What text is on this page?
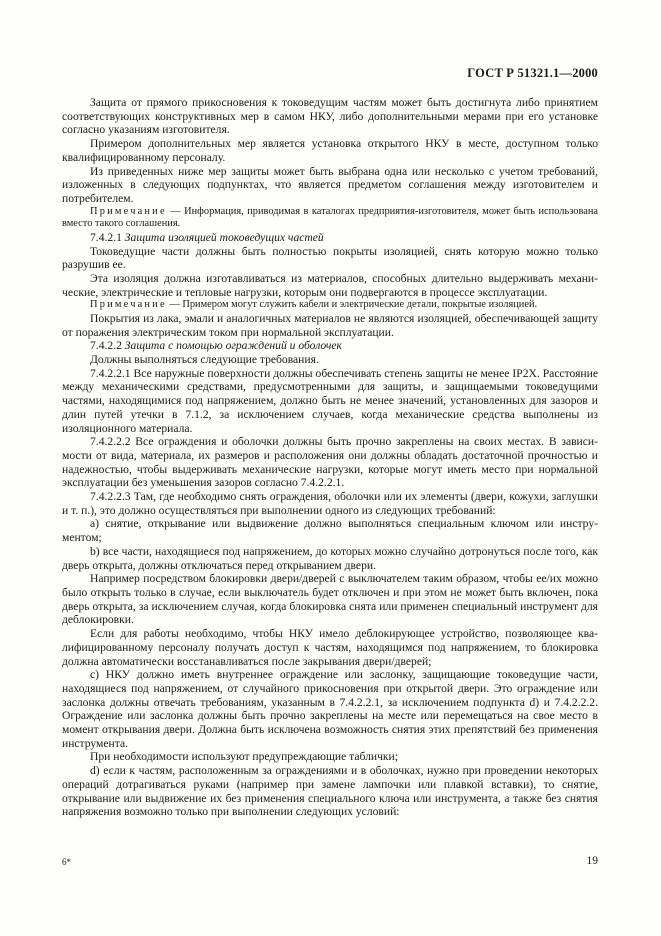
ГОСТ Р 51321.1—2000

Защита от прямого прикосновения к токоведущим частям может быть достигнута либо принятием соответствующих конструктивных мер в самом НКУ, либо дополнительными мерами при его установке согласно указаниям изготовителя.

Примером дополнительных мер является установка открытого НКУ в месте, доступном только квалифицированному персоналу.

Из приведенных ниже мер защиты может быть выбрана одна или несколько с учетом требований, изложенных в следующих подпунктах, что является предметом соглашения между изготовителем и потребителем.

Примечание — Информация, приводимая в каталогах предприятия-изготовителя, может быть использована вместо такого соглашения.

7.4.2.1 Защита изоляцией токоведущих частей

Токоведущие части должны быть полностью покрыты изоляцией, снять которую можно только разрушив ее.

Эта изоляция должна изготавливаться из материалов, способных длительно выдерживать механические, электрические и тепловые нагрузки, которым они подвергаются в процессе эксплуатации.

Примечание — Примером могут служить кабели и электрические детали, покрытые изоляцией.

Покрытия из лака, эмали и аналогичных материалов не являются изоляцией, обеспечивающей защиту от поражения электрическим током при нормальной эксплуатации.

7.4.2.2 Защита с помощью ограждений и оболочек

Должны выполняться следующие требования.

7.4.2.2.1 Все наружные поверхности должны обеспечивать степень защиты не менее IP2X. Расстояние между механическими средствами, предусмотренными для защиты, и защищаемыми токоведущими частями, находящимися под напряжением, должно быть не менее значений, установленных для зазоров и длин путей утечки в 7.1.2, за исключением случаев, когда механические средства выполнены из изоляционного материала.

7.4.2.2.2 Все ограждения и оболочки должны быть прочно закреплены на своих местах. В зависимости от вида, материала, их размеров и расположения они должны обладать достаточной прочностью и надежностью, чтобы выдерживать механические нагрузки, которые могут иметь место при нормальной эксплуатации без уменьшения зазоров согласно 7.4.2.2.1.

7.4.2.2.3 Там, где необходимо снять ограждения, оболочки или их элементы (двери, кожухи, заглушки и т. п.), это должно осуществляться при выполнении одного из следующих требований:

a) снятие, открывание или выдвижение должно выполняться специальным ключом или инструментом;

b) все части, находящиеся под напряжением, до которых можно случайно дотронуться после того, как дверь открыта, должны отключаться перед открыванием двери.

Например посредством блокировки двери/дверей с выключателем таким образом, чтобы ее/их можно было открыть только в случае, если выключатель будет отключен и при этом не может быть включен, пока дверь открыта, за исключением случая, когда блокировка снята или применен специальный инструмент для деблокировки.

Если для работы необходимо, чтобы НКУ имело деблокирующее устройство, позволяющее квалифицированному персоналу получать доступ к частям, находящимся под напряжением, то блокировка должна автоматически восстанавливаться после закрывания двери/дверей;

c) НКУ должно иметь внутреннее ограждение или заслонку, защищающие токоведущие части, находящиеся под напряжением, от случайного прикосновения при открытой двери. Это ограждение или заслонка должны отвечать требованиям, указанным в 7.4.2.2.1, за исключением подпункта d) и 7.4.2.2.2. Ограждение или заслонка должны быть прочно закреплены на месте или перемещаться на свое место в момент открывания двери. Должна быть исключена возможность снятия этих препятствий без применения инструмента.

При необходимости используют предупреждающие таблички;

d) если к частям, расположенным за ограждениями и в оболочках, нужно при проведении некоторых операций дотрагиваться руками (например при замене лампочки или плавкой вставки), то снятие, открывание или выдвижение их без применения специального ключа или инструмента, а также без снятия напряжения возможно только при выполнении следующих условий:

6*	19
